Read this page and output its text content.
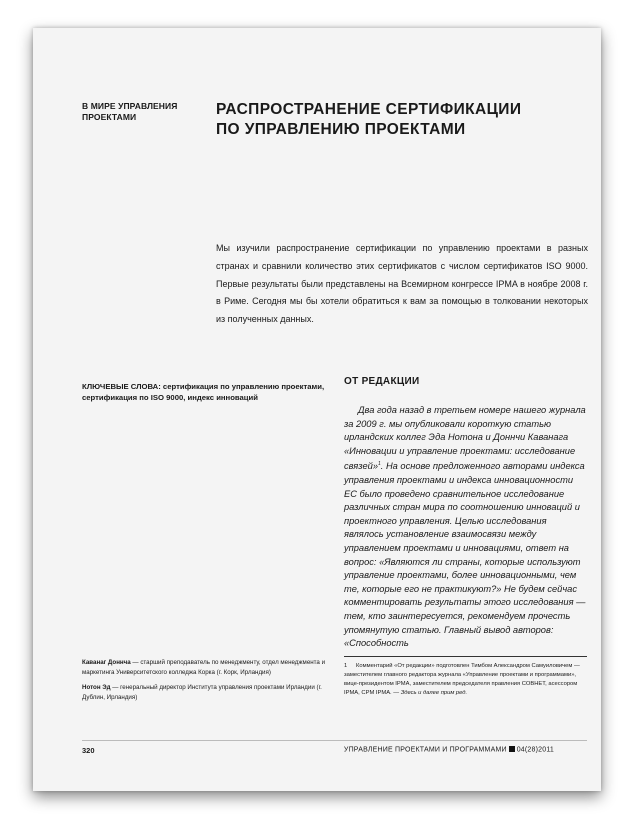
В МИРЕ УПРАВЛЕНИЯ ПРОЕКТАМИ	РАСПРОСТРАНЕНИЕ СЕРТИФИКАЦИИ
ПО УПРАВЛЕНИЮ ПРОЕКТАМИ
Мы изучили распространение сертификации по управлению проектами в разных странах и сравнили количество этих сертификатов с числом сертификатов ISO 9000. Первые результаты были представлены на Всемирном конгрессе IPMA в ноябре 2008 г. в Риме. Сегодня мы бы хотели обратиться к вам за помощью в толковании некоторых из полученных данных.
КЛЮЧЕВЫЕ СЛОВА: сертификация по управлению проектами, сертификация по ISO 9000, индекс инноваций
ОТ РЕДАКЦИИ
Два года назад в третьем номере нашего журнала за 2009 г. мы опубликовали короткую статью ирландских коллег Эда Нотона и Доннчи Каванага «Инновации и управление проектами: исследование связей»$^1$. На основе предложенного авторами индекса управления проектами и индекса инновационности ЕС было проведено сравнительное исследование различных стран мира по соотношению инноваций и проектного управления. Целью исследования являлось установление взаимосвязи между управлением проектами и инновациями, ответ на вопрос: «Являются ли страны, которые используют управление проектами, более инновационными, чем те, которые его не практикуют?» Не будем сейчас комментировать результаты этого исследования — тем, кто заинтересуется, рекомендуем прочесть упомянутую статью. Главный вывод авторов: «Способность

Каванаг Доннча — старший преподаватель по менеджменту, отдел менеджмента и маркетинга Университетского колледжа Корка (г. Корк, Ирландия)

Нотон Эд — генеральный директор Института управления проектами Ирландии (г. Дублин, Ирландия)

1 Комментарий «От редакции» подготовлен Тимбом Александром Самуиловичем — заместителем главного редактора журнала «Управление проектами и программами», вице-президентом IPMA, заместителем председателя правления СОВНЕТ, асессором IPMA, CPM IPMA. — Здесь и далее прим ред.
320	УПРАВЛЕНИЕ ПРОЕКТАМИ И ПРОГРАММАМИ 04(28)2011
